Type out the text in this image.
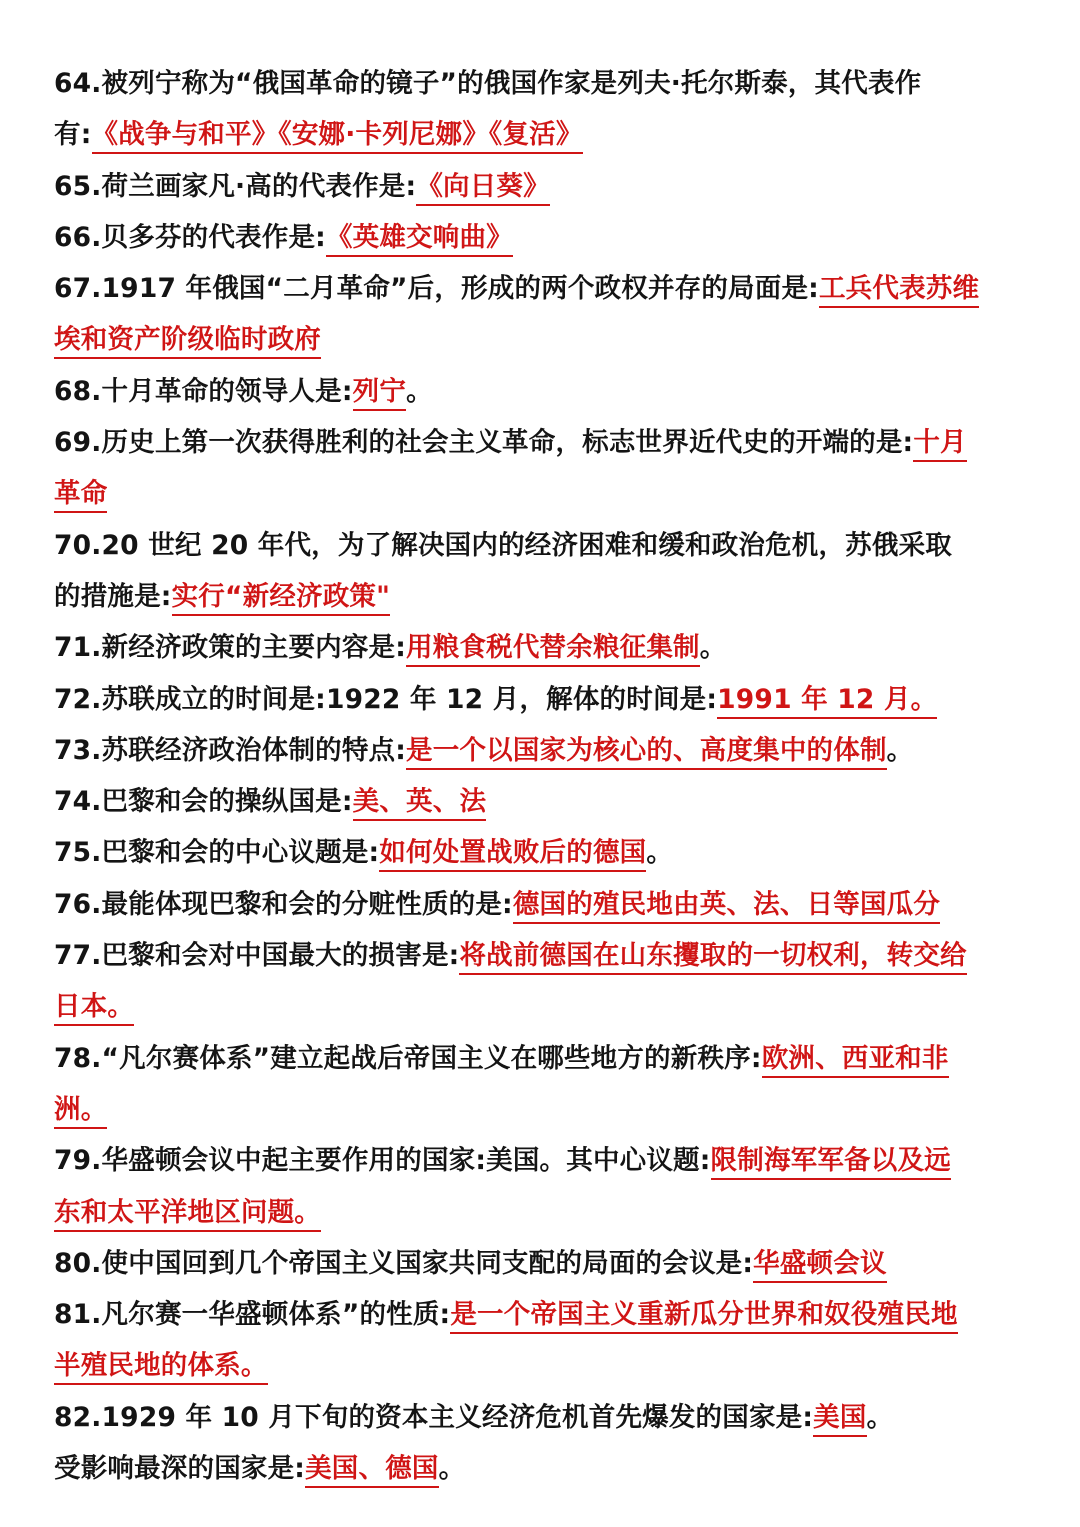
64.被列宁称为“俄国革命的镜子”的俄国作家是列夫·托尔斯泰，其代表作
有:《战争与和平》《安娜·卡列尼娜》《复活》
65.荷兰画家凡·高的代表作是:《向日葵》
66.贝多芬的代表作是:《英雄交响曲》
67.1917 年俄国“二月革命”后，形成的两个政权并存的局面是:工兵代表苏维
埃和资产阶级临时政府
68.十月革命的领导人是:列宁。
69.历史上第一次获得胜利的社会主义革命，标志世界近代史的开端的是:十月
革命
70.20 世纪 20 年代，为了解决国内的经济困难和缓和政治危机，苏俄采取
的措施是:实行“新经济政策"
71.新经济政策的主要内容是:用粮食税代替余粮征集制。
72.苏联成立的时间是:1922 年 12 月，解体的时间是:1991 年 12 月。
73.苏联经济政治体制的特点:是一个以国家为核心的、高度集中的体制。
74.巴黎和会的操纵国是:美、英、法
75.巴黎和会的中心议题是:如何处置战败后的德国。
76.最能体现巴黎和会的分赃性质的是:德国的殖民地由英、法、日等国瓜分
77.巴黎和会对中国最大的损害是:将战前德国在山东攫取的一切权利，转交给
日本。
78.“凡尔赛体系”建立起战后帝国主义在哪些地方的新秩序:欧洲、西亚和非
洲。
79.华盛顿会议中起主要作用的国家:美国。其中心议题:限制海军军备以及远
东和太平洋地区问题。
80.使中国回到几个帝国主义国家共同支配的局面的会议是:华盛顿会议
81.凡尔赛一华盛顿体系”的性质:是一个帝国主义重新瓜分世界和奴役殖民地
半殖民地的体系。
82.1929 年 10 月下旬的资本主义经济危机首先爆发的国家是:美国。
受影响最深的国家是:美国、德国。
